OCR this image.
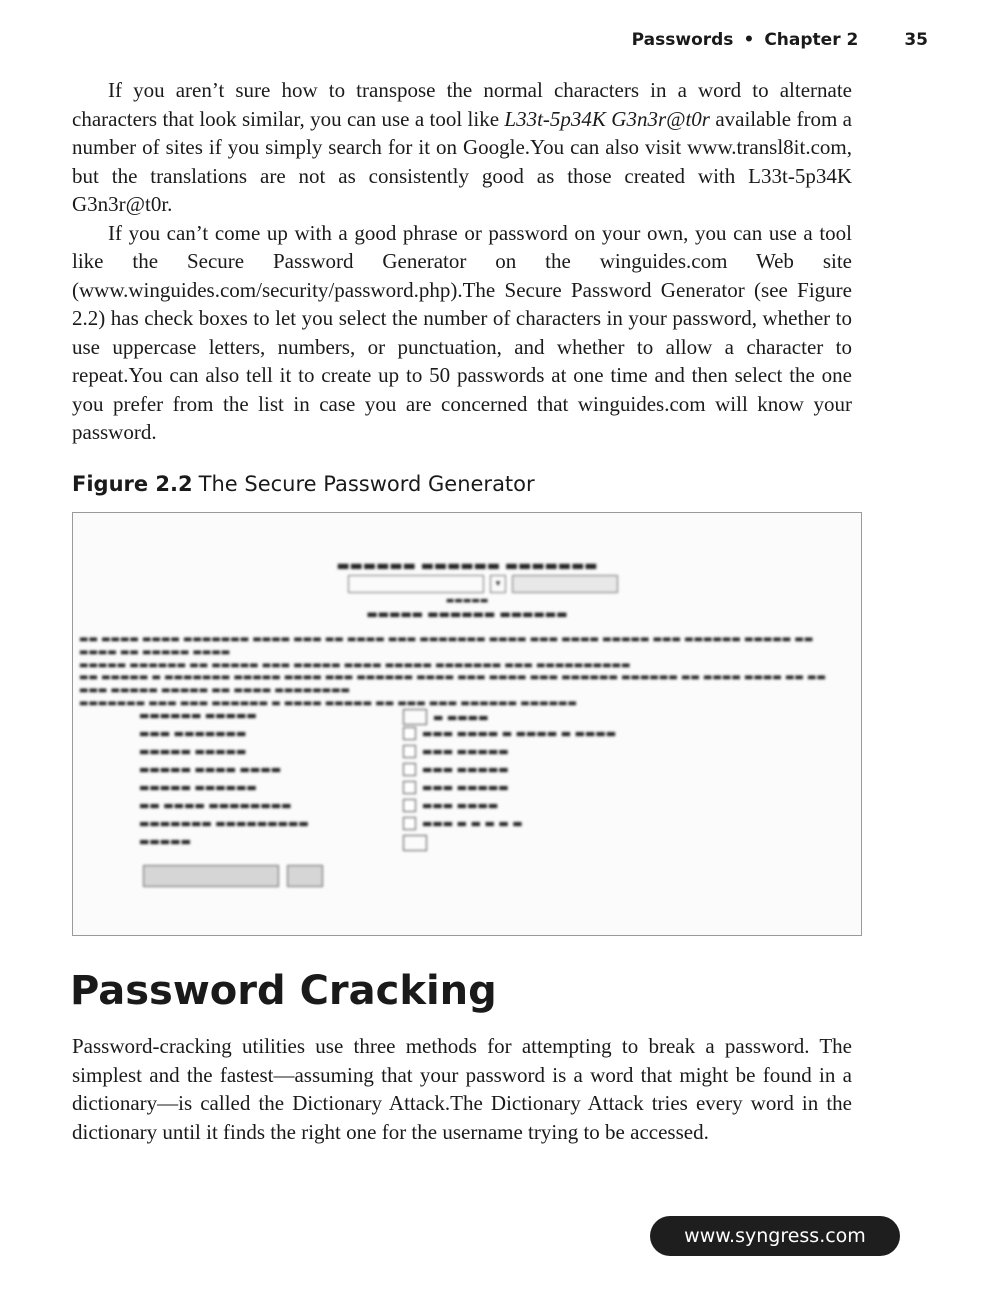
Passwords • Chapter 2	35

If you aren’t sure how to transpose the normal characters in a word to alternate characters that look similar, you can use a tool like L33t-5p34K G3n3r@t0r available from a number of sites if you simply search for it on Google.You can also visit www.transl8it.com, but the translations are not as consistently good as those created with L33t-5p34K G3n3r@t0r.

If you can’t come up with a good phrase or password on your own, you can use a tool like the Secure Password Generator on the winguides.com Web site (www.winguides.com/security/password.php).The Secure Password Generator (see Figure 2.2) has check boxes to let you select the number of characters in your password, whether to use uppercase letters, numbers, or punctuation, and whether to allow a character to repeat.You can also tell it to create up to 50 passwords at one time and then select the one you prefer from the list in case you are concerned that winguides.com will know your password.

Figure 2.2 The Secure Password Generator
▬▬▬▬▬▬ ▬▬▬▬▬▬ ▬▬▬▬▬▬▬
▾
▬▬▬▬▬
▬▬▬▬▬ ▬▬▬▬▬▬ ▬▬▬▬▬▬
▬▬ ▬▬▬▬ ▬▬▬▬ ▬▬▬▬▬▬▬ ▬▬▬▬ ▬▬▬ ▬▬ ▬▬▬▬ ▬▬▬ ▬▬▬▬▬▬▬ ▬▬▬▬ ▬▬▬ ▬▬▬▬ ▬▬▬▬▬ ▬▬▬ ▬▬▬▬▬▬ ▬▬▬▬▬ ▬▬ ▬▬▬▬ ▬▬ ▬▬▬▬▬ ▬▬▬▬
▬▬▬▬▬ ▬▬▬▬▬▬ ▬▬ ▬▬▬▬▬ ▬▬▬ ▬▬▬▬▬ ▬▬▬▬ ▬▬▬▬▬ ▬▬▬▬▬▬▬ ▬▬▬ ▬▬▬▬▬▬▬▬▬▬
▬▬ ▬▬▬▬▬ ▬ ▬▬▬▬▬▬▬ ▬▬▬▬▬ ▬▬▬▬ ▬▬▬ ▬▬▬▬▬▬ ▬▬▬▬ ▬▬▬ ▬▬▬▬ ▬▬▬ ▬▬▬▬▬▬ ▬▬▬▬▬▬ ▬▬ ▬▬▬▬ ▬▬▬▬ ▬▬ ▬▬ ▬▬▬ ▬▬▬▬▬ ▬▬▬▬▬ ▬▬ ▬▬▬▬ ▬▬▬▬▬▬▬▬
▬▬▬▬▬▬▬ ▬▬▬ ▬▬▬ ▬▬▬▬▬▬ ▬ ▬▬▬▬ ▬▬▬▬▬ ▬▬ ▬▬▬ ▬▬▬ ▬▬▬▬▬▬ ▬▬▬▬▬▬
▬▬▬▬▬▬ ▬▬▬▬▬	▬ ▬▬▬▬
▬▬▬ ▬▬▬▬▬▬▬	▬▬▬ ▬▬▬▬ ▬ ▬▬▬▬ ▬ ▬▬▬▬
▬▬▬▬▬ ▬▬▬▬▬	▬▬▬ ▬▬▬▬▬
▬▬▬▬▬ ▬▬▬▬ ▬▬▬▬	▬▬▬ ▬▬▬▬▬
▬▬▬▬▬ ▬▬▬▬▬▬	▬▬▬ ▬▬▬▬▬
▬▬ ▬▬▬▬ ▬▬▬▬▬▬▬▬	▬▬▬ ▬▬▬▬
▬▬▬▬▬▬▬ ▬▬▬▬▬▬▬▬▬	▬▬▬ ▬ ▬ ▬ ▬ ▬
▬▬▬▬▬
Password Cracking

Password-cracking utilities use three methods for attempting to break a password. The simplest and the fastest—assuming that your password is a word that might be found in a dictionary—is called the Dictionary Attack.The Dictionary Attack tries every word in the dictionary until it finds the right one for the username trying to be accessed.

www.syngress.com
